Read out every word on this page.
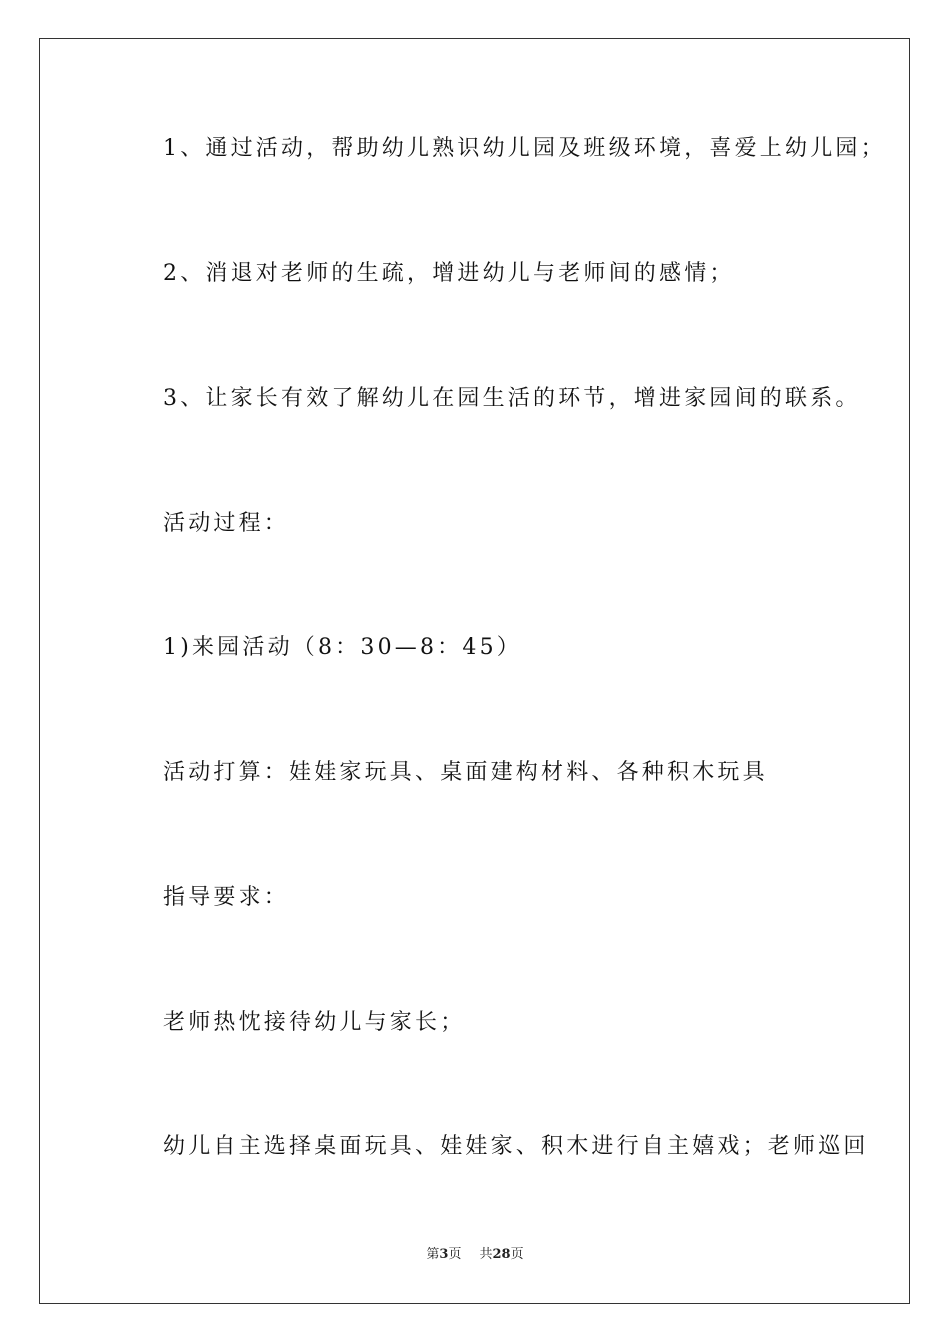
1、通过活动，帮助幼儿熟识幼儿园及班级环境，喜爱上幼儿园；

2、消退对老师的生疏，增进幼儿与老师间的感情；

3、让家长有效了解幼儿在园生活的环节，增进家园间的联系。

活动过程：

1)来园活动（8：30—8：45）

活动打算：娃娃家玩具、桌面建构材料、各种积木玩具

指导要求：

老师热忱接待幼儿与家长；

幼儿自主选择桌面玩具、娃娃家、积木进行自主嬉戏；老师巡回

第3页 共28页
